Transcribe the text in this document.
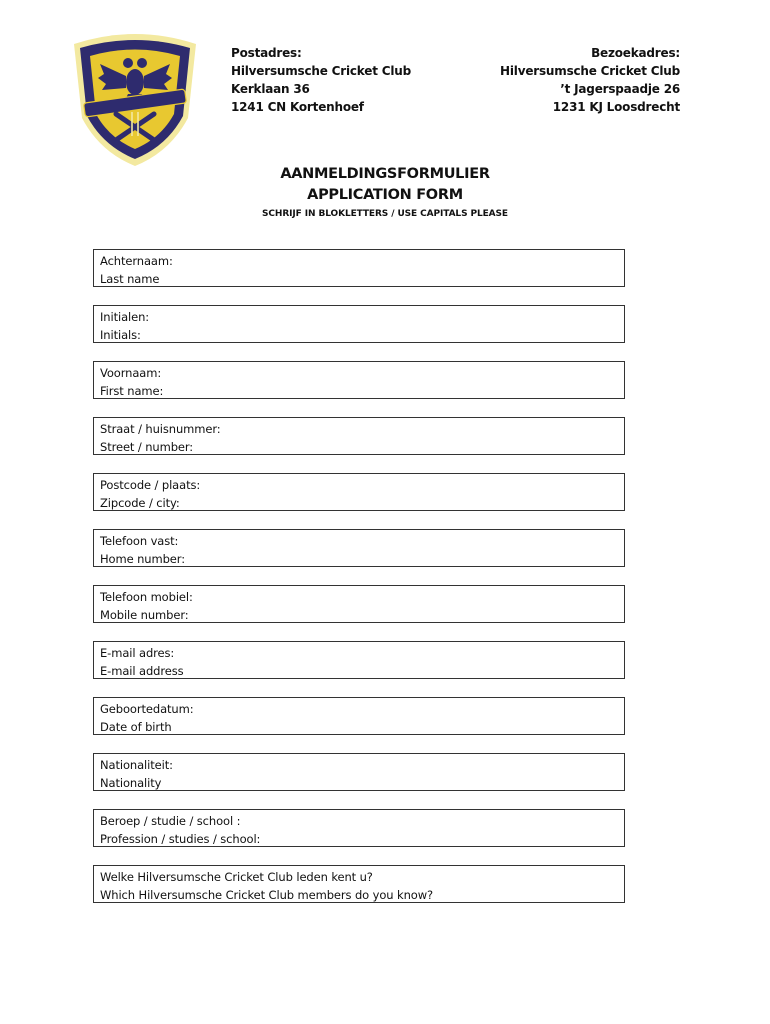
Postadres:
Hilversumsche Cricket Club
Kerklaan 36
1241 CN Kortenhoef
Bezoekadres:
Hilversumsche Cricket Club
’t Jagerspaadje 26
1231 KJ Loosdrecht
AANMELDINGSFORMULIER
APPLICATION FORM
SCHRIJF IN BLOKLETTERS / USE CAPITALS PLEASE
Achternaam:
Last name
Initialen:
Initials:
Voornaam:
First name:
Straat / huisnummer:
Street / number:
Postcode / plaats:
Zipcode / city:
Telefoon vast:
Home number:
Telefoon mobiel:
Mobile number:
E-mail adres:
E-mail address
Geboortedatum:
Date of birth
Nationaliteit:
Nationality
Beroep / studie / school :
Profession / studies / school:
Welke Hilversumsche Cricket Club leden kent u?
Which Hilversumsche Cricket Club members do you know?
